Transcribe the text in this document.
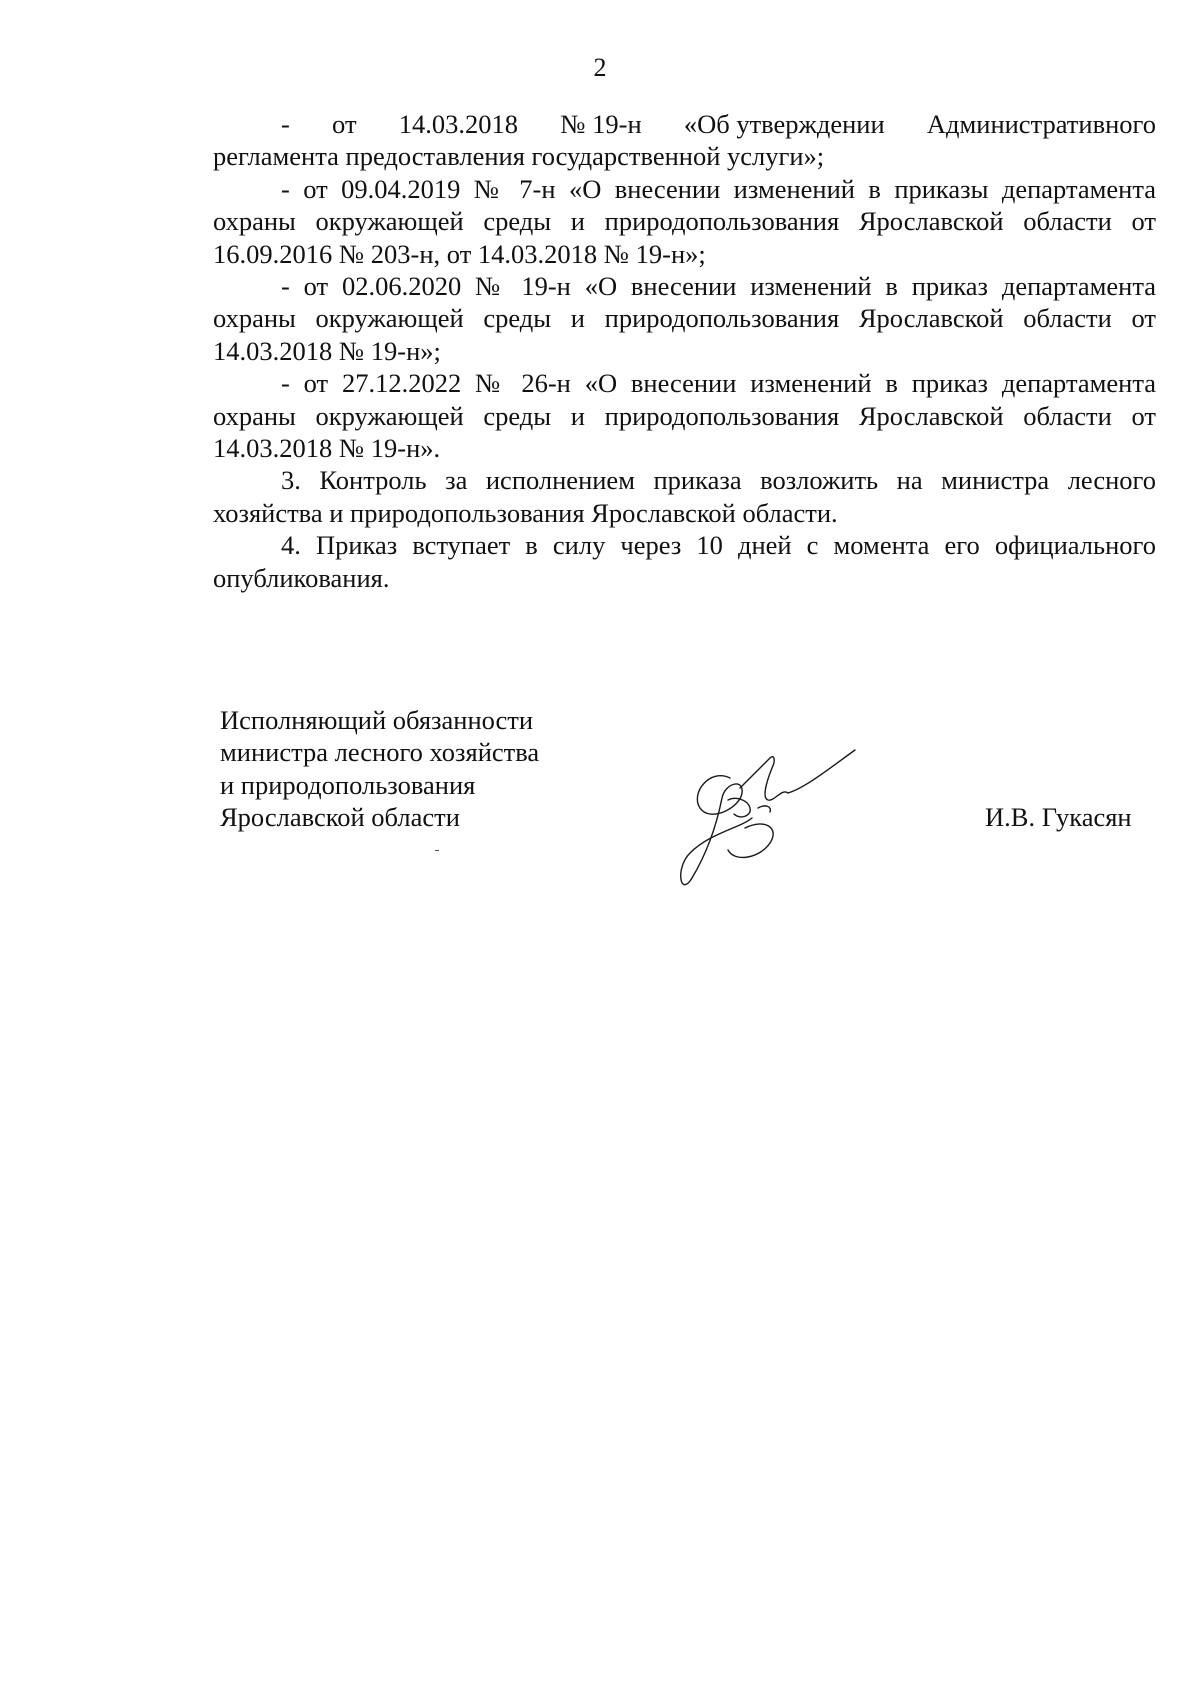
2
- от 14.03.2018 № 19-н «Об утверждении Административного

регламента предоставления государственной услуги»;

- от 09.04.2019 № 7-н «О внесении изменений в приказы департамента охраны окружающей среды и природопользования Ярославской области от 16.09.2016 № 203-н, от 14.03.2018 № 19-н»;

- от 02.06.2020 № 19-н «О внесении изменений в приказ департамента охраны окружающей среды и природопользования Ярославской области от 14.03.2018 № 19-н»;

- от 27.12.2022 № 26-н «О внесении изменений в приказ департамента охраны окружающей среды и природопользования Ярославской области от 14.03.2018 № 19-н».

3. Контроль за исполнением приказа возложить на министра лесного хозяйства и природопользования Ярославской области.

4. Приказ вступает в силу через 10 дней с момента его официального опубликования.

Исполняющий обязанности
министра лесного хозяйства
и природопользования
Ярославской области	И.В. Гукасян
